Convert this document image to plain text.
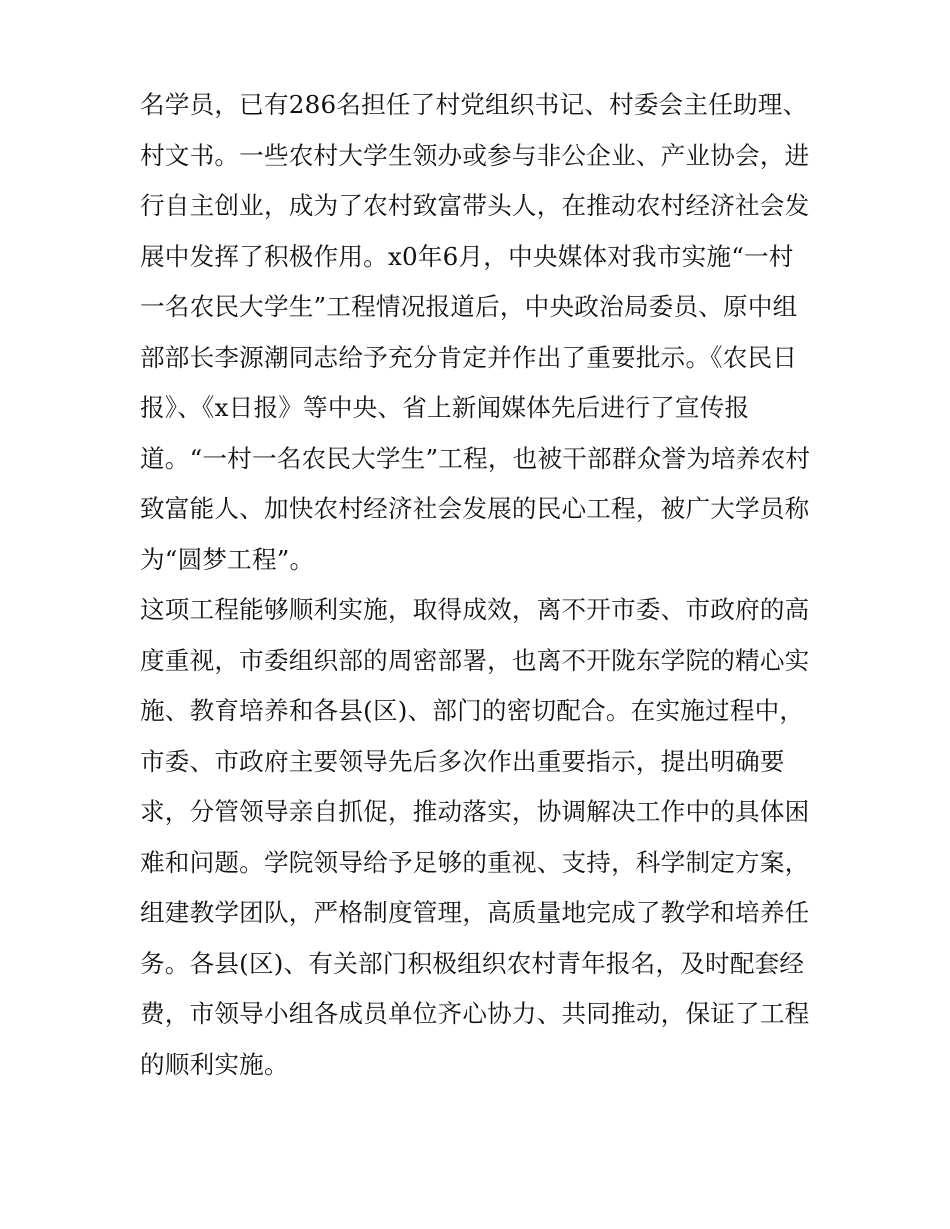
名学员，已有286名担任了村党组织书记、村委会主任助理、
村文书。一些农村大学生领办或参与非公企业、产业协会，进
行自主创业，成为了农村致富带头人，在推动农村经济社会发
展中发挥了积极作用。x0年6月，中央媒体对我市实施“一村
一名农民大学生”工程情况报道后，中央政治局委员、原中组
部部长李源潮同志给予充分肯定并作出了重要批示。《农民日
报》、《x日报》等中央、省上新闻媒体先后进行了宣传报
道。“一村一名农民大学生”工程，也被干部群众誉为培养农村
致富能人、加快农村经济社会发展的民心工程，被广大学员称
为“圆梦工程”。
这项工程能够顺利实施，取得成效，离不开市委、市政府的高
度重视，市委组织部的周密部署，也离不开陇东学院的精心实
施、教育培养和各县(区)、部门的密切配合。在实施过程中，
市委、市政府主要领导先后多次作出重要指示，提出明确要
求，分管领导亲自抓促，推动落实，协调解决工作中的具体困
难和问题。学院领导给予足够的重视、支持，科学制定方案，
组建教学团队，严格制度管理，高质量地完成了教学和培养任
务。各县(区)、有关部门积极组织农村青年报名，及时配套经
费，市领导小组各成员单位齐心协力、共同推动，保证了工程
的顺利实施。
